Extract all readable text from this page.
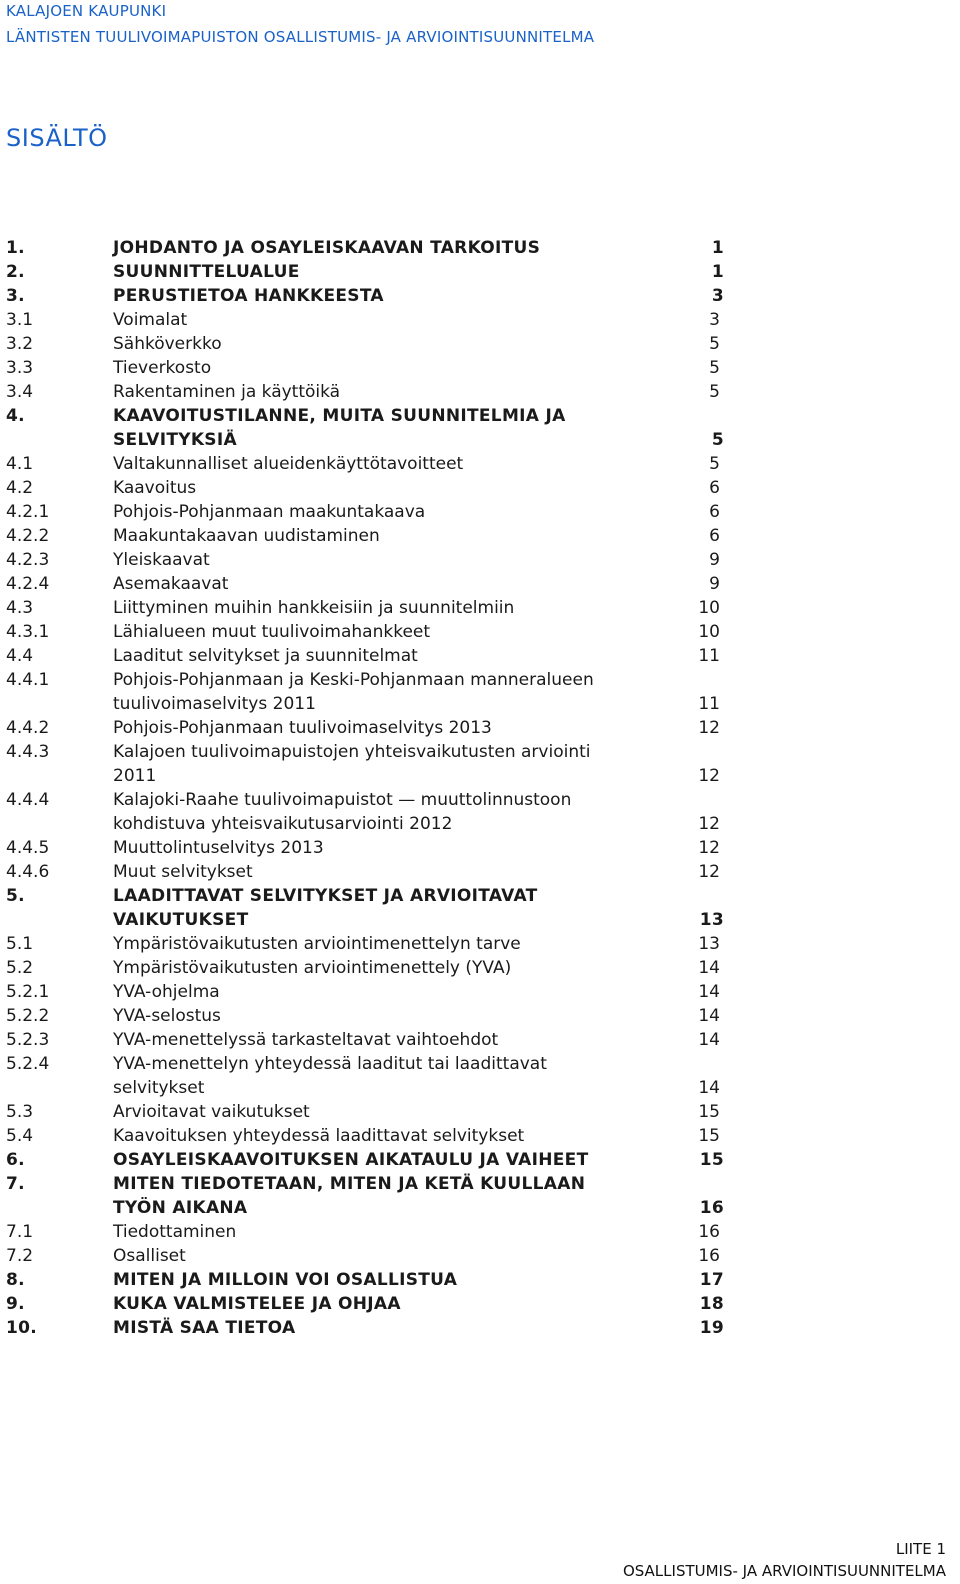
KALAJOEN KAUPUNKI
LÄNTISTEN TUULIVOIMAPUISTON OSALLISTUMIS- JA ARVIOINTISUUNNITELMA
SISÄLTÖ
1.	JOHDANTO JA OSAYLEISKAAVAN TARKOITUS	1
2.	SUUNNITTELUALUE	1
3.	PERUSTIETOA HANKKEESTA	3
3.1	Voimalat	3
3.2	Sähköverkko	5
3.3	Tieverkosto	5
3.4	Rakentaminen ja käyttöikä	5
4.	KAAVOITUSTILANNE, MUITA SUUNNITELMIA JA
SELVITYKSIÄ	5
4.1	Valtakunnalliset alueidenkäyttötavoitteet	5
4.2	Kaavoitus	6
4.2.1	Pohjois-Pohjanmaan maakuntakaava	6
4.2.2	Maakuntakaavan uudistaminen	6
4.2.3	Yleiskaavat	9
4.2.4	Asemakaavat	9
4.3	Liittyminen muihin hankkeisiin ja suunnitelmiin	10
4.3.1	Lähialueen muut tuulivoimahankkeet	10
4.4	Laaditut selvitykset ja suunnitelmat	11
4.4.1	Pohjois-Pohjanmaan ja Keski-Pohjanmaan manneralueen
tuulivoimaselvitys 2011	11
4.4.2	Pohjois-Pohjanmaan tuulivoimaselvitys 2013	12
4.4.3	Kalajoen tuulivoimapuistojen yhteisvaikutusten arviointi
2011	12
4.4.4	Kalajoki-Raahe tuulivoimapuistot — muuttolinnustoon
kohdistuva yhteisvaikutusarviointi 2012	12
4.4.5	Muuttolintuselvitys 2013	12
4.4.6	Muut selvitykset	12
5.	LAADITTAVAT SELVITYKSET JA ARVIOITAVAT
VAIKUTUKSET	13
5.1	Ympäristövaikutusten arviointimenettelyn tarve	13
5.2	Ympäristövaikutusten arviointimenettely (YVA)	14
5.2.1	YVA-ohjelma	14
5.2.2	YVA-selostus	14
5.2.3	YVA-menettelyssä tarkasteltavat vaihtoehdot	14
5.2.4	YVA-menettelyn yhteydessä laaditut tai laadittavat
selvitykset	14
5.3	Arvioitavat vaikutukset	15
5.4	Kaavoituksen yhteydessä laadittavat selvitykset	15
6.	OSAYLEISKAAVOITUKSEN AIKATAULU JA VAIHEET	15
7.	MITEN TIEDOTETAAN, MITEN JA KETÄ KUULLAAN
TYÖN AIKANA	16
7.1	Tiedottaminen	16
7.2	Osalliset	16
8.	MITEN JA MILLOIN VOI OSALLISTUA	17
9.	KUKA VALMISTELEE JA OHJAA	18
10.	MISTÄ SAA TIETOA	19
LIITE 1
OSALLISTUMIS- JA ARVIOINTISUUNNITELMA
